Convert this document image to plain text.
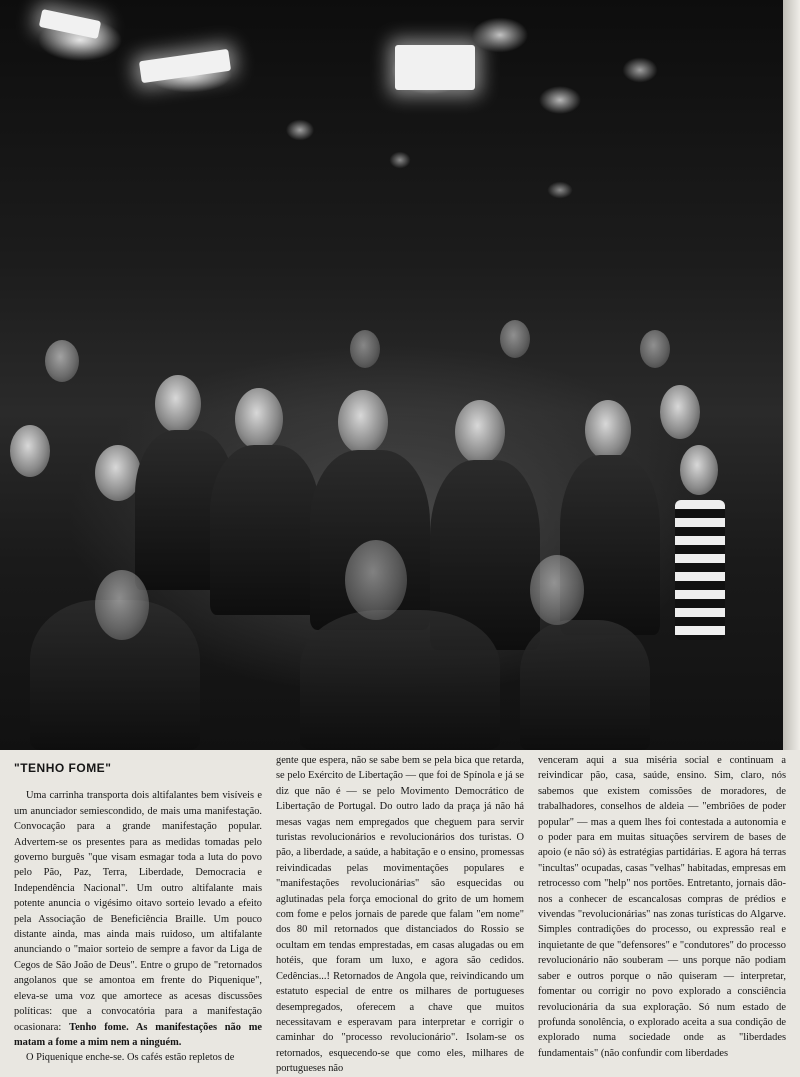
"TENHO FOME"

Uma carrinha transporta dois altifalantes bem visíveis e um anunciador semiescondido, de mais uma manifestação. Convocação para a grande manifestação popular. Advertem-se os presentes para as medidas tomadas pelo governo burguês "que visam esmagar toda a luta do povo pelo Pão, Paz, Terra, Liberdade, Democracia e Independência Nacional". Um outro altifalante mais potente anuncia o vigésimo oitavo sorteio levado a efeito pela Associação de Beneficiência Braille. Um pouco distante ainda, mas ainda mais ruidoso, um altifalante anunciando o "maior sorteio de sempre a favor da Liga de Cegos de São João de Deus". Entre o grupo de "retornados angolanos que se amontoa em frente do Piquenique", eleva-se uma voz que amortece as acesas discussões políticas: que a convocatória para a manifestação ocasionara: Tenho fome. As manifestações não me matam a fome a mim nem a ninguém.

O Piquenique enche-se. Os cafés estão repletos de

gente que espera, não se sabe bem se pela bica que retarda, se pelo Exército de Libertação — que foi de Spínola e já se diz que não é — se pelo Movimento Democrático de Libertação de Portugal. Do outro lado da praça já não há mesas vagas nem empregados que cheguem para servir turistas revolucionários e revolucionários dos turistas. O pão, a liberdade, a saúde, a habitação e o ensino, promessas reivindicadas pelas movimentações populares e "manifestações revolucionárias" são esquecidas ou aglutinadas pela força emocional do grito de um homem com fome e pelos jornais de parede que falam "em nome" dos 80 mil retornados que distanciados do Rossio se ocultam em tendas emprestadas, em casas alugadas ou em hotéis, que foram um luxo, e agora são cedidos. Cedências...! Retornados de Angola que, reivindicando um estatuto especial de entre os milhares de portugueses desempregados, oferecem a chave que muitos necessitavam e esperavam para interpretar e corrigir o caminhar do "processo revolucionário". Isolam-se os retornados, esquecendo-se que como eles, milhares de portugueses não

venceram aqui a sua miséria social e continuam a reivindicar pão, casa, saúde, ensino. Sim, claro, nós sabemos que existem comissões de moradores, de trabalhadores, conselhos de aldeia — "embriões de poder popular" — mas a quem lhes foi contestada a autonomia e o poder para em muitas situações servirem de bases de apoio (e não só) às estratégias partidárias. E agora há terras "incultas" ocupadas, casas "velhas" habitadas, empresas em retrocesso com "help" nos portões. Entretanto, jornais dão-nos a conhecer de escancalosas compras de prédios e vivendas "revolucionárias" nas zonas turísticas do Algarve. Simples contradições do processo, ou expressão real e inquietante de que "defensores" e "condutores" do processo revolucionário não souberam — uns porque não podiam saber e outros porque o não quiseram — interpretar, fomentar ou corrigir no povo explorado a consciência revolucionária da sua exploração. Só num estado de profunda sonolência, o explorado aceita a sua condição de explorado numa sociedade onde as "liberdades fundamentais" (não confundir com liberdades
